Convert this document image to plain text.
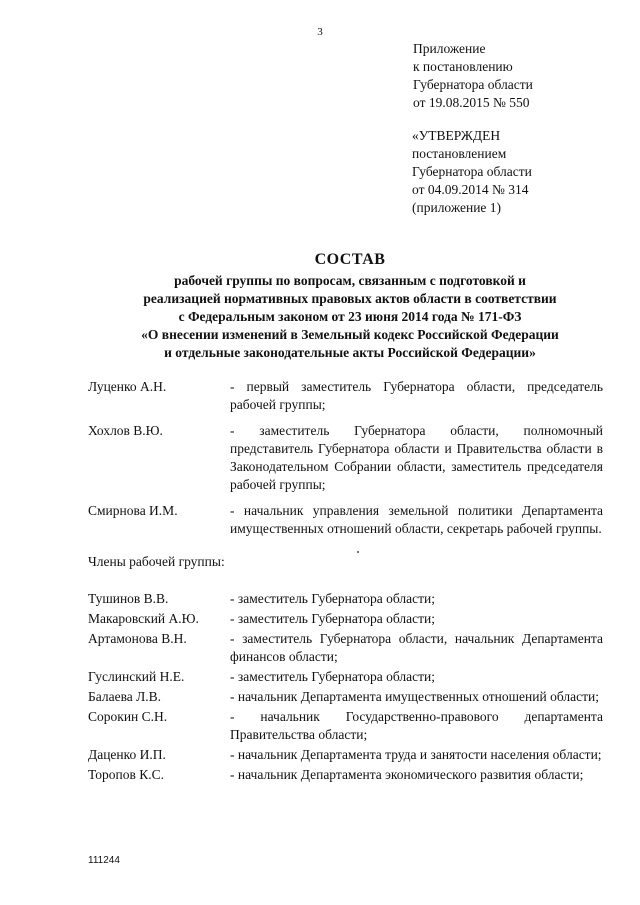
3
Приложение
к постановлению
Губернатора области
от 19.08.2015 № 550
«УТВЕРЖДЕН
постановлением
Губернатора области
от 04.09.2014 № 314
(приложение 1)
СОСТАВ
рабочей группы по вопросам, связанным с подготовкой и
реализацией нормативных правовых актов области в соответствии
с Федеральным законом от 23 июня 2014 года № 171-ФЗ
«О внесении изменений в Земельный кодекс Российской Федерации
и отдельные законодательные акты Российской Федерации»
Луценко А.Н.	- первый заместитель Губернатора области, председатель рабочей группы;
Хохлов В.Ю.	- заместитель Губернатора области, полномочный представитель Губернатора области и Правительства области в Законодательном Собрании области, заместитель председателя рабочей группы;
Смирнова И.М.	- начальник управления земельной политики Департамента имущественных отношений области, секретарь рабочей группы.
Члены рабочей группы:
Тушинов В.В.	- заместитель Губернатора области;
Макаровский А.Ю.	- заместитель Губернатора области;
Артамонова В.Н.	- заместитель Губернатора области, начальник Департамента финансов области;
Гуслинский Н.Е.	- заместитель Губернатора области;
Балаева Л.В.	- начальник Департамента имущественных отношений области;
Сорокин С.Н.	- начальник Государственно-правового департамента Правительства области;
Даценко И.П.	- начальник Департамента труда и занятости населения области;
Торопов К.С.	- начальник Департамента экономического развития области;
111244
